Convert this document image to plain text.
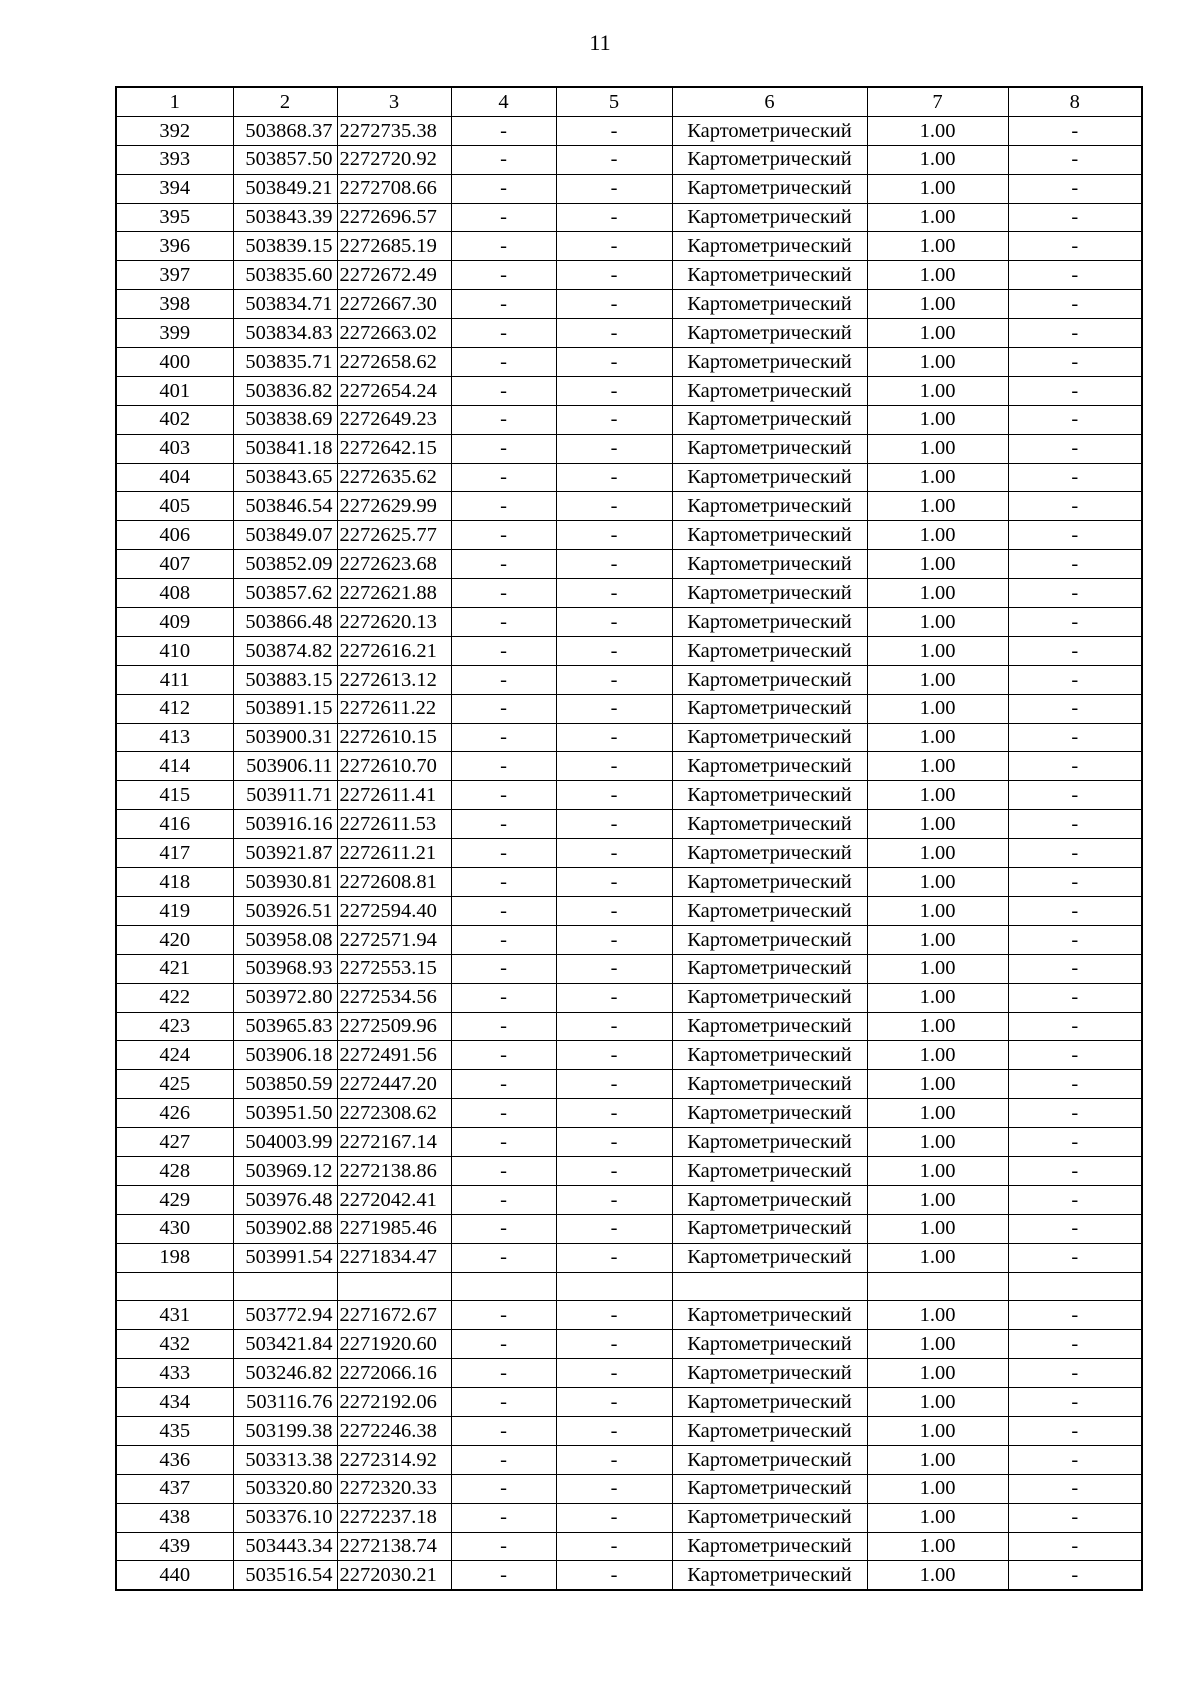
11
1	2	3	4	5	6	7	8
392	503868.37	2272735.38	-	-	Картометрический	1.00	-
393	503857.50	2272720.92	-	-	Картометрический	1.00	-
394	503849.21	2272708.66	-	-	Картометрический	1.00	-
395	503843.39	2272696.57	-	-	Картометрический	1.00	-
396	503839.15	2272685.19	-	-	Картометрический	1.00	-
397	503835.60	2272672.49	-	-	Картометрический	1.00	-
398	503834.71	2272667.30	-	-	Картометрический	1.00	-
399	503834.83	2272663.02	-	-	Картометрический	1.00	-
400	503835.71	2272658.62	-	-	Картометрический	1.00	-
401	503836.82	2272654.24	-	-	Картометрический	1.00	-
402	503838.69	2272649.23	-	-	Картометрический	1.00	-
403	503841.18	2272642.15	-	-	Картометрический	1.00	-
404	503843.65	2272635.62	-	-	Картометрический	1.00	-
405	503846.54	2272629.99	-	-	Картометрический	1.00	-
406	503849.07	2272625.77	-	-	Картометрический	1.00	-
407	503852.09	2272623.68	-	-	Картометрический	1.00	-
408	503857.62	2272621.88	-	-	Картометрический	1.00	-
409	503866.48	2272620.13	-	-	Картометрический	1.00	-
410	503874.82	2272616.21	-	-	Картометрический	1.00	-
411	503883.15	2272613.12	-	-	Картометрический	1.00	-
412	503891.15	2272611.22	-	-	Картометрический	1.00	-
413	503900.31	2272610.15	-	-	Картометрический	1.00	-
414	503906.11	2272610.70	-	-	Картометрический	1.00	-
415	503911.71	2272611.41	-	-	Картометрический	1.00	-
416	503916.16	2272611.53	-	-	Картометрический	1.00	-
417	503921.87	2272611.21	-	-	Картометрический	1.00	-
418	503930.81	2272608.81	-	-	Картометрический	1.00	-
419	503926.51	2272594.40	-	-	Картометрический	1.00	-
420	503958.08	2272571.94	-	-	Картометрический	1.00	-
421	503968.93	2272553.15	-	-	Картометрический	1.00	-
422	503972.80	2272534.56	-	-	Картометрический	1.00	-
423	503965.83	2272509.96	-	-	Картометрический	1.00	-
424	503906.18	2272491.56	-	-	Картометрический	1.00	-
425	503850.59	2272447.20	-	-	Картометрический	1.00	-
426	503951.50	2272308.62	-	-	Картометрический	1.00	-
427	504003.99	2272167.14	-	-	Картометрический	1.00	-
428	503969.12	2272138.86	-	-	Картометрический	1.00	-
429	503976.48	2272042.41	-	-	Картометрический	1.00	-
430	503902.88	2271985.46	-	-	Картометрический	1.00	-
198	503991.54	2271834.47	-	-	Картометрический	1.00	-

431	503772.94	2271672.67	-	-	Картометрический	1.00	-
432	503421.84	2271920.60	-	-	Картометрический	1.00	-
433	503246.82	2272066.16	-	-	Картометрический	1.00	-
434	503116.76	2272192.06	-	-	Картометрический	1.00	-
435	503199.38	2272246.38	-	-	Картометрический	1.00	-
436	503313.38	2272314.92	-	-	Картометрический	1.00	-
437	503320.80	2272320.33	-	-	Картометрический	1.00	-
438	503376.10	2272237.18	-	-	Картометрический	1.00	-
439	503443.34	2272138.74	-	-	Картометрический	1.00	-
440	503516.54	2272030.21	-	-	Картометрический	1.00	-
